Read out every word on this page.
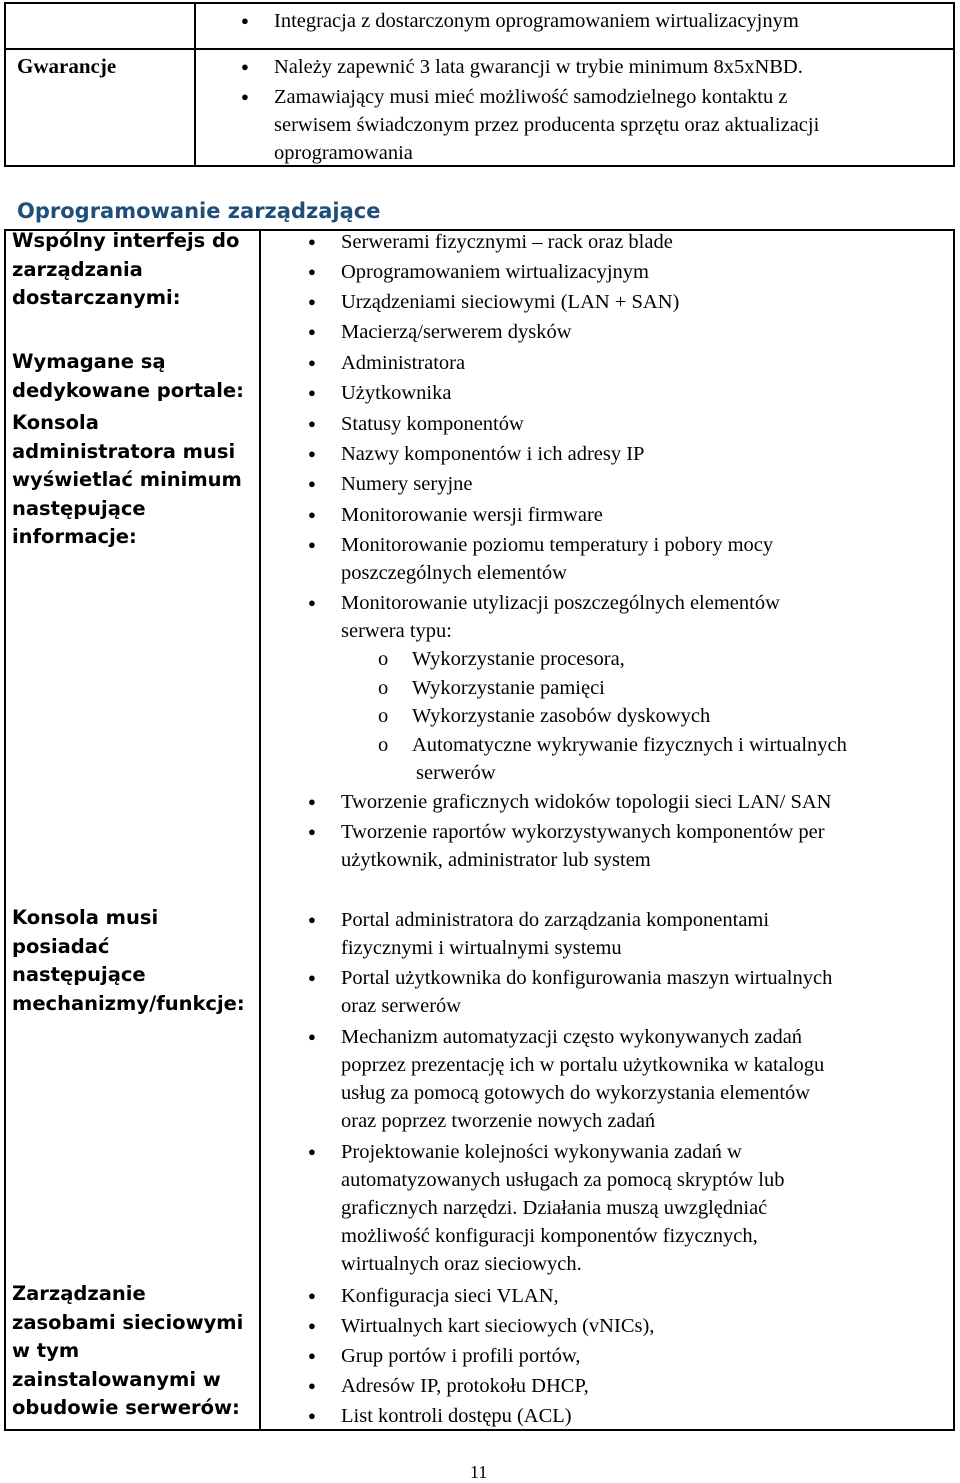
● Integracja z dostarczonym oprogramowaniem wirtualizacyjnym
Gwarancje	● Należy zapewnić 3 lata gwarancji w trybie minimum 8x5xNBD.
● Zamawiający musi mieć możliwość samodzielnego kontaktu z
serwisem świadczonym przez producenta sprzętu oraz aktualizacji
oprogramowania
Oprogramowanie zarządzające
Wspólny interfejs do
zarządzania
dostarczanymi:
● Serwerami fizycznymi – rack oraz blade
● Oprogramowaniem wirtualizacyjnym
● Urządzeniami sieciowymi (LAN + SAN)
● Macierzą/serwerem dysków
Wymagane są
dedykowane portale:
● Administratora
● Użytkownika
Konsola
administratora musi
wyświetlać minimum
następujące
informacje:
● Statusy komponentów
● Nazwy komponentów i ich adresy IP
● Numery seryjne
● Monitorowanie wersji firmware
● Monitorowanie poziomu temperatury i pobory mocy
poszczególnych elementów
● Monitorowanie utylizacji poszczególnych elementów
serwera typu:
o Wykorzystanie procesora,
o Wykorzystanie pamięci
o Wykorzystanie zasobów dyskowych
o Automatyczne wykrywanie fizycznych i wirtualnych
serwerów
● Tworzenie graficznych widoków topologii sieci LAN/ SAN
● Tworzenie raportów wykorzystywanych komponentów per
użytkownik, administrator lub system
Konsola musi
posiadać następujące
mechanizmy/funkcje:
● Portal administratora do zarządzania komponentami
fizycznymi i wirtualnymi systemu
● Portal użytkownika do konfigurowania maszyn wirtualnych
oraz serwerów
● Mechanizm automatyzacji często wykonywanych zadań
poprzez prezentację ich w portalu użytkownika w katalogu
usług za pomocą gotowych do wykorzystania elementów
oraz poprzez tworzenie nowych zadań
● Projektowanie kolejności wykonywania zadań w
automatyzowanych usługach za pomocą skryptów lub
graficznych narzędzi. Działania muszą uwzględniać
możliwość konfiguracji komponentów fizycznych,
wirtualnych oraz sieciowych.
Zarządzanie
zasobami sieciowymi
w tym
zainstalowanymi w
obudowie serwerów:
● Konfiguracja sieci VLAN,
● Wirtualnych kart sieciowych (vNICs),
● Grup portów i profili portów,
● Adresów IP, protokołu DHCP,
● List kontroli dostępu (ACL)
11
